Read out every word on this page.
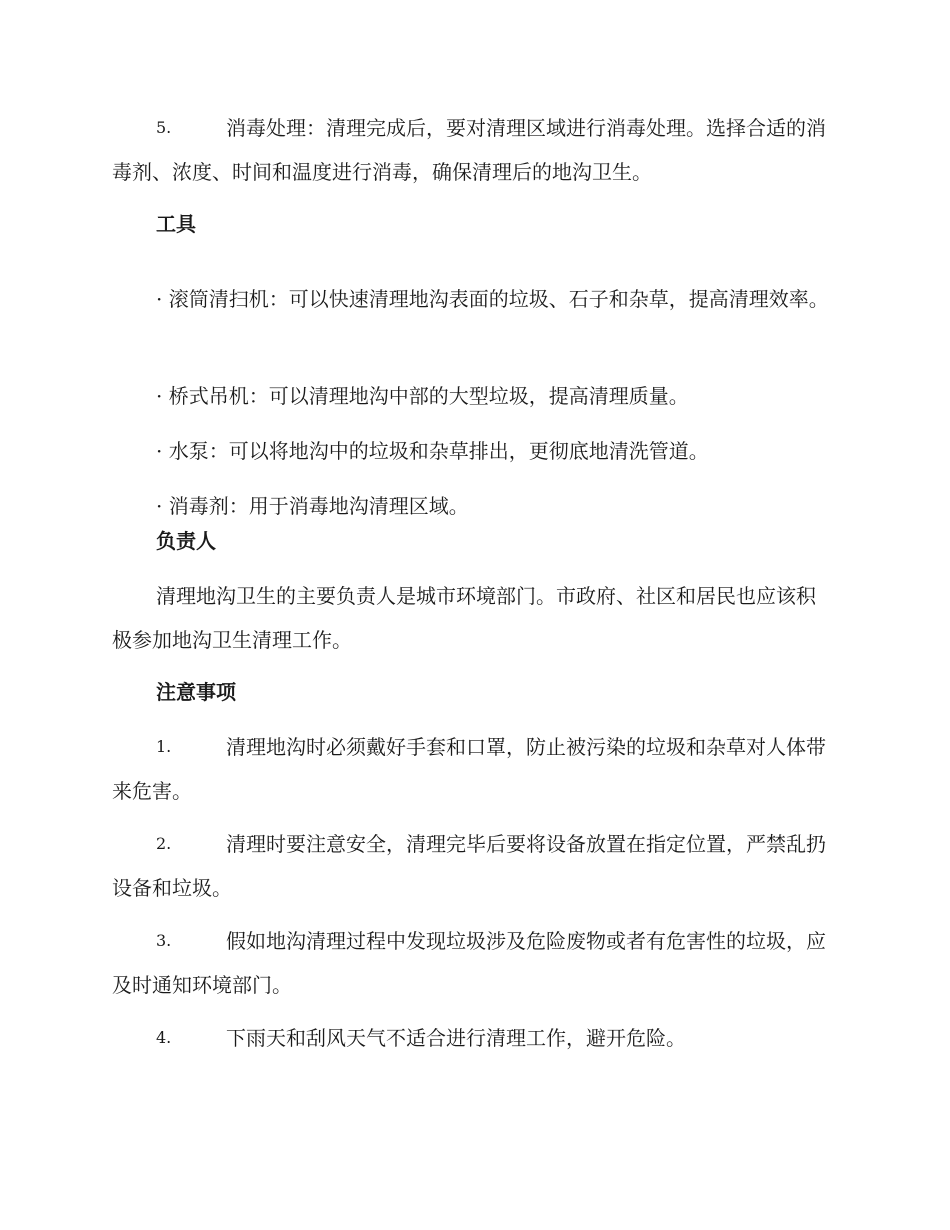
5.	消毒处理：清理完成后，要对清理区域进行消毒处理。选择合适的消毒剂、浓度、时间和温度进行消毒，确保清理后的地沟卫生。

工具

· 滚筒清扫机：可以快速清理地沟表面的垃圾、石子和杂草，提高清理效率。

· 桥式吊机：可以清理地沟中部的大型垃圾，提高清理质量。

· 水泵：可以将地沟中的垃圾和杂草排出，更彻底地清洗管道。

· 消毒剂：用于消毒地沟清理区域。

负责人

清理地沟卫生的主要负责人是城市环境部门。市政府、社区和居民也应该积极参加地沟卫生清理工作。

注意事项

1.	清理地沟时必须戴好手套和口罩，防止被污染的垃圾和杂草对人体带来危害。
2.	清理时要注意安全，清理完毕后要将设备放置在指定位置，严禁乱扔设备和垃圾。
3.	假如地沟清理过程中发现垃圾涉及危险废物或者有危害性的垃圾，应及时通知环境部门。
4.	下雨天和刮风天气不适合进行清理工作，避开危险。
